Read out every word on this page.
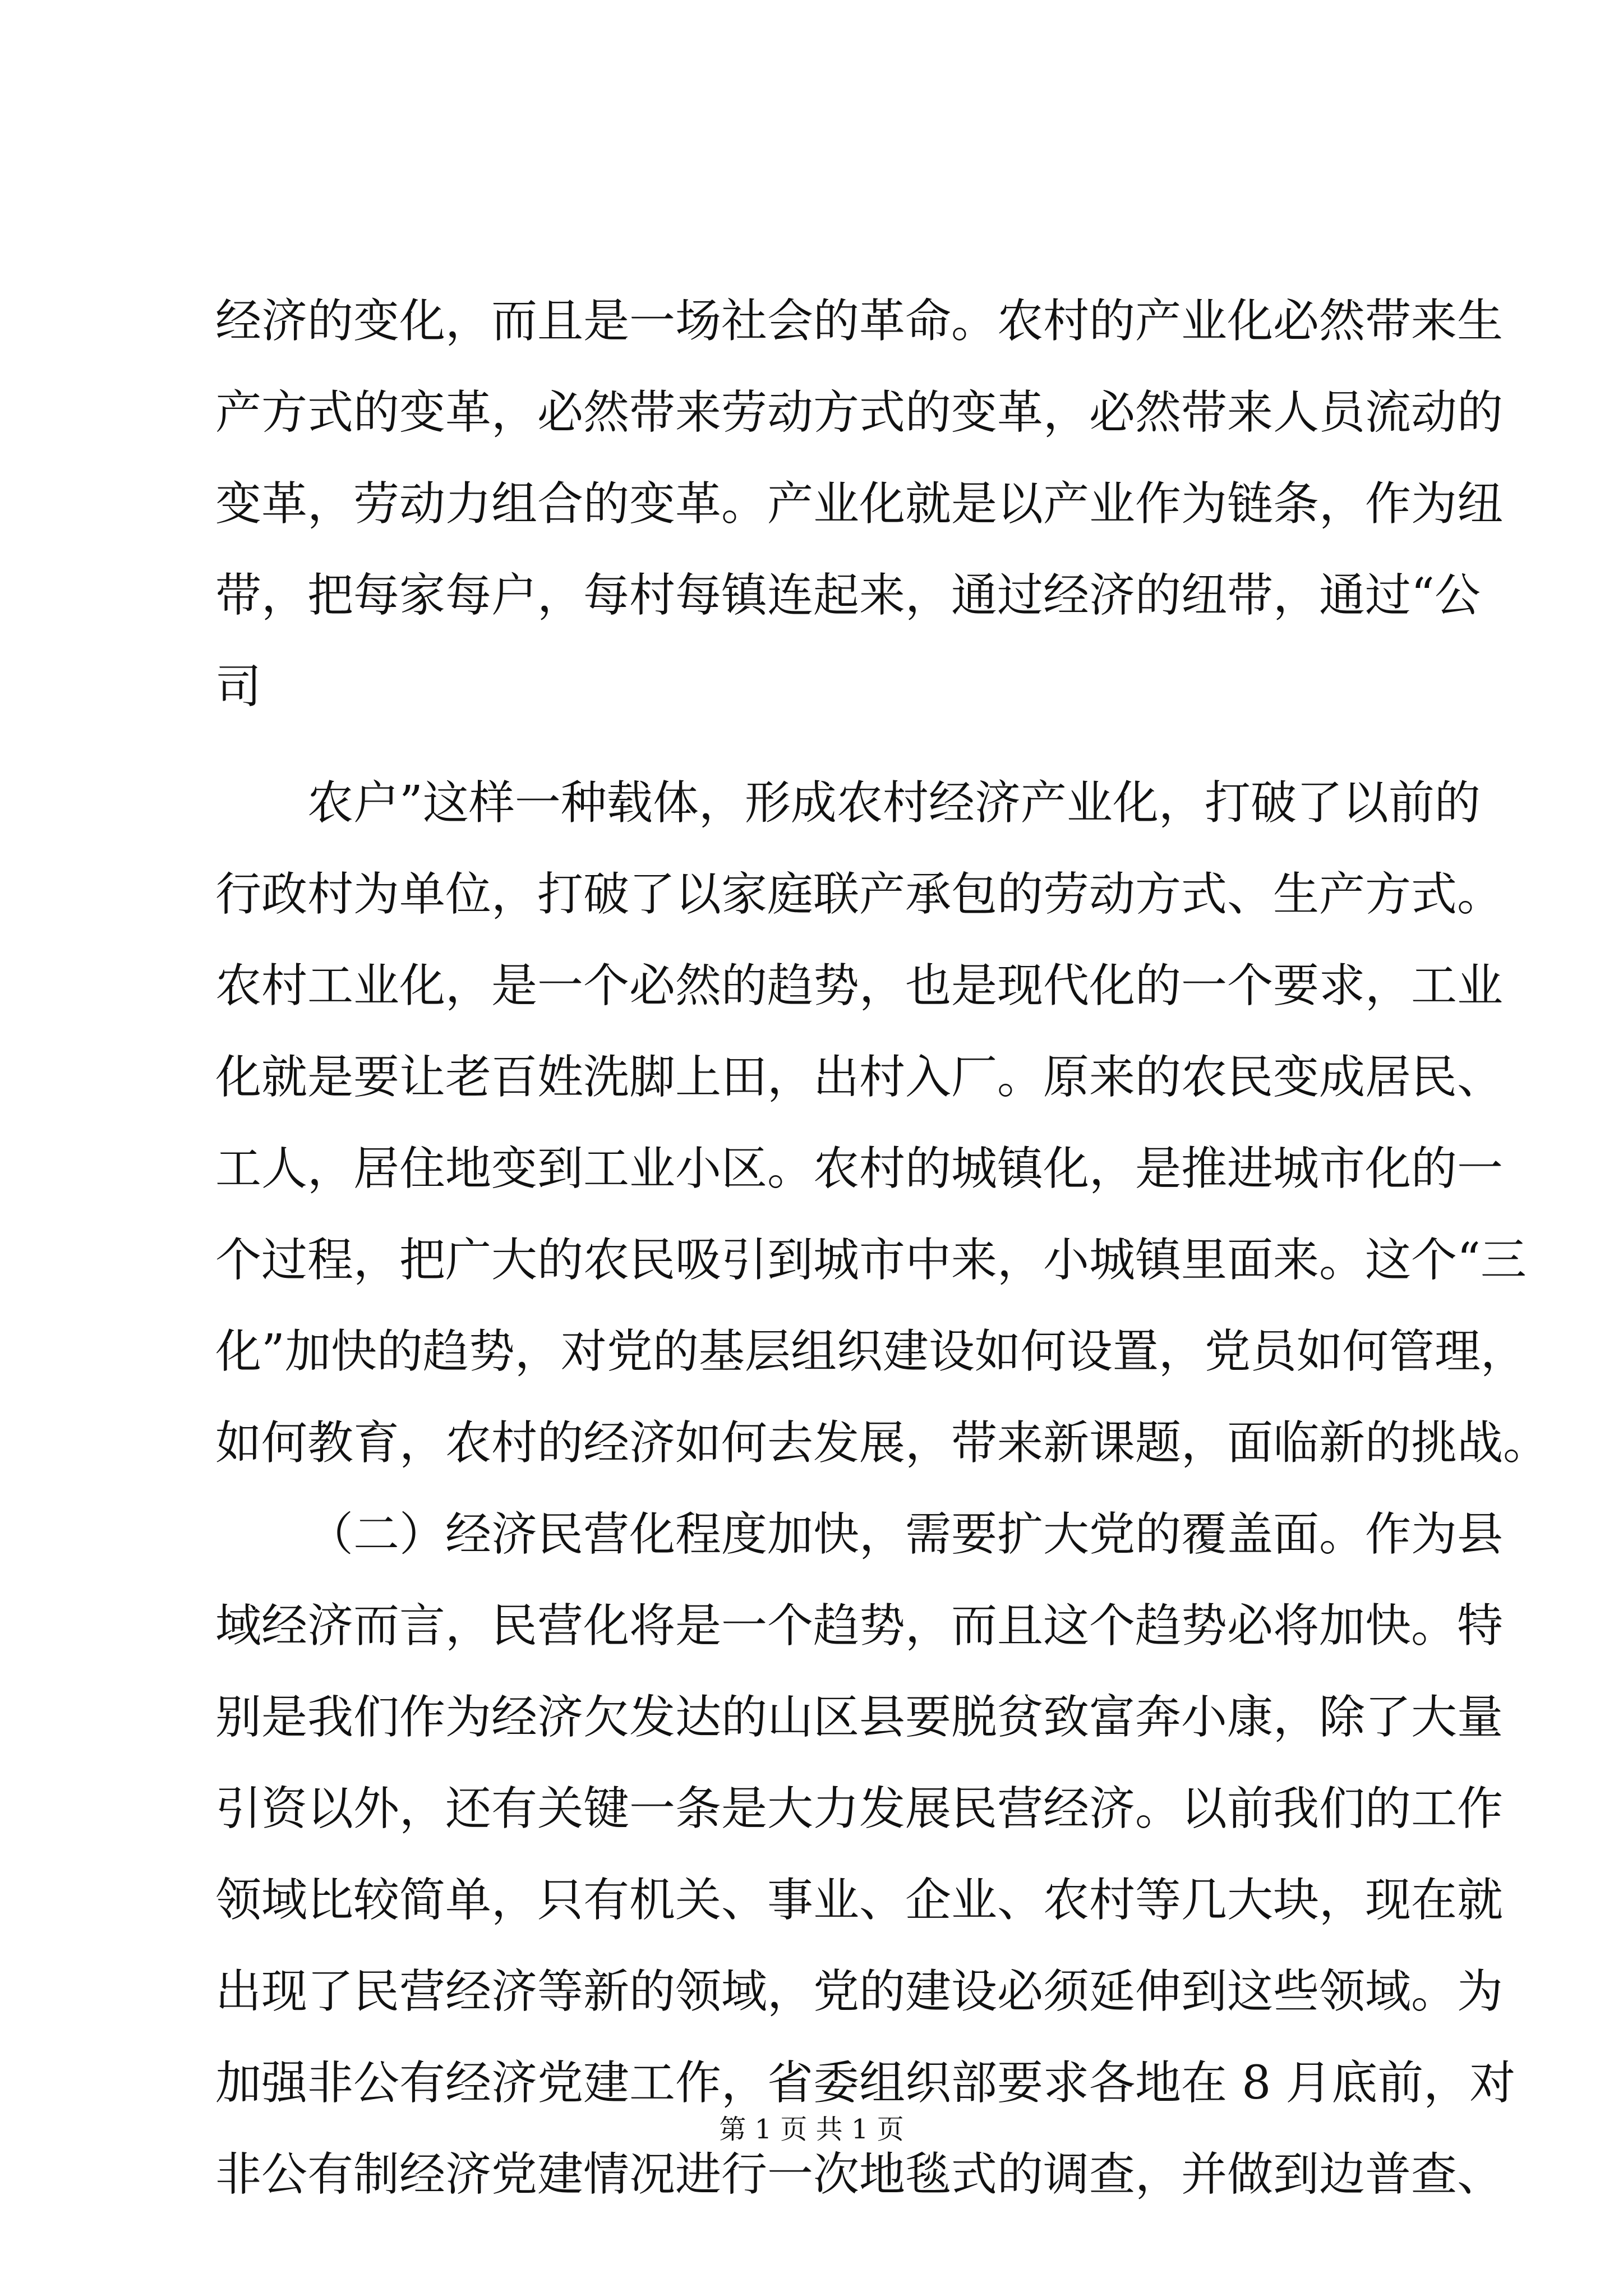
经济的变化，而且是一场社会的革命。农村的产业化必然带来生

产方式的变革，必然带来劳动方式的变革，必然带来人员流动的

变革，劳动力组合的变革。产业化就是以产业作为链条，作为纽

带，把每家每户，每村每镇连起来，通过经济的纽带，通过“公

司

农户”这样一种载体，形成农村经济产业化，打破了以前的

行政村为单位，打破了以家庭联产承包的劳动方式、生产方式。

农村工业化，是一个必然的趋势，也是现代化的一个要求，工业

化就是要让老百姓洗脚上田，出村入厂。原来的农民变成居民、

工人，居住地变到工业小区。农村的城镇化，是推进城市化的一

个过程，把广大的农民吸引到城市中来，小城镇里面来。这个“三

化”加快的趋势，对党的基层组织建设如何设置，党员如何管理，

如何教育，农村的经济如何去发展，带来新课题，面临新的挑战。

（二）经济民营化程度加快，需要扩大党的覆盖面。作为县

域经济而言，民营化将是一个趋势，而且这个趋势必将加快。特

别是我们作为经济欠发达的山区县要脱贫致富奔小康，除了大量

引资以外，还有关键一条是大力发展民营经济。以前我们的工作

领域比较简单，只有机关、事业、企业、农村等几大块，现在就

出现了民营经济等新的领域，党的建设必须延伸到这些领域。为

加强非公有经济党建工作，省委组织部要求各地在 8 月底前，对

非公有制经济党建情况进行一次地毯式的调查，并做到边普查、

第 1 页 共 1 页
